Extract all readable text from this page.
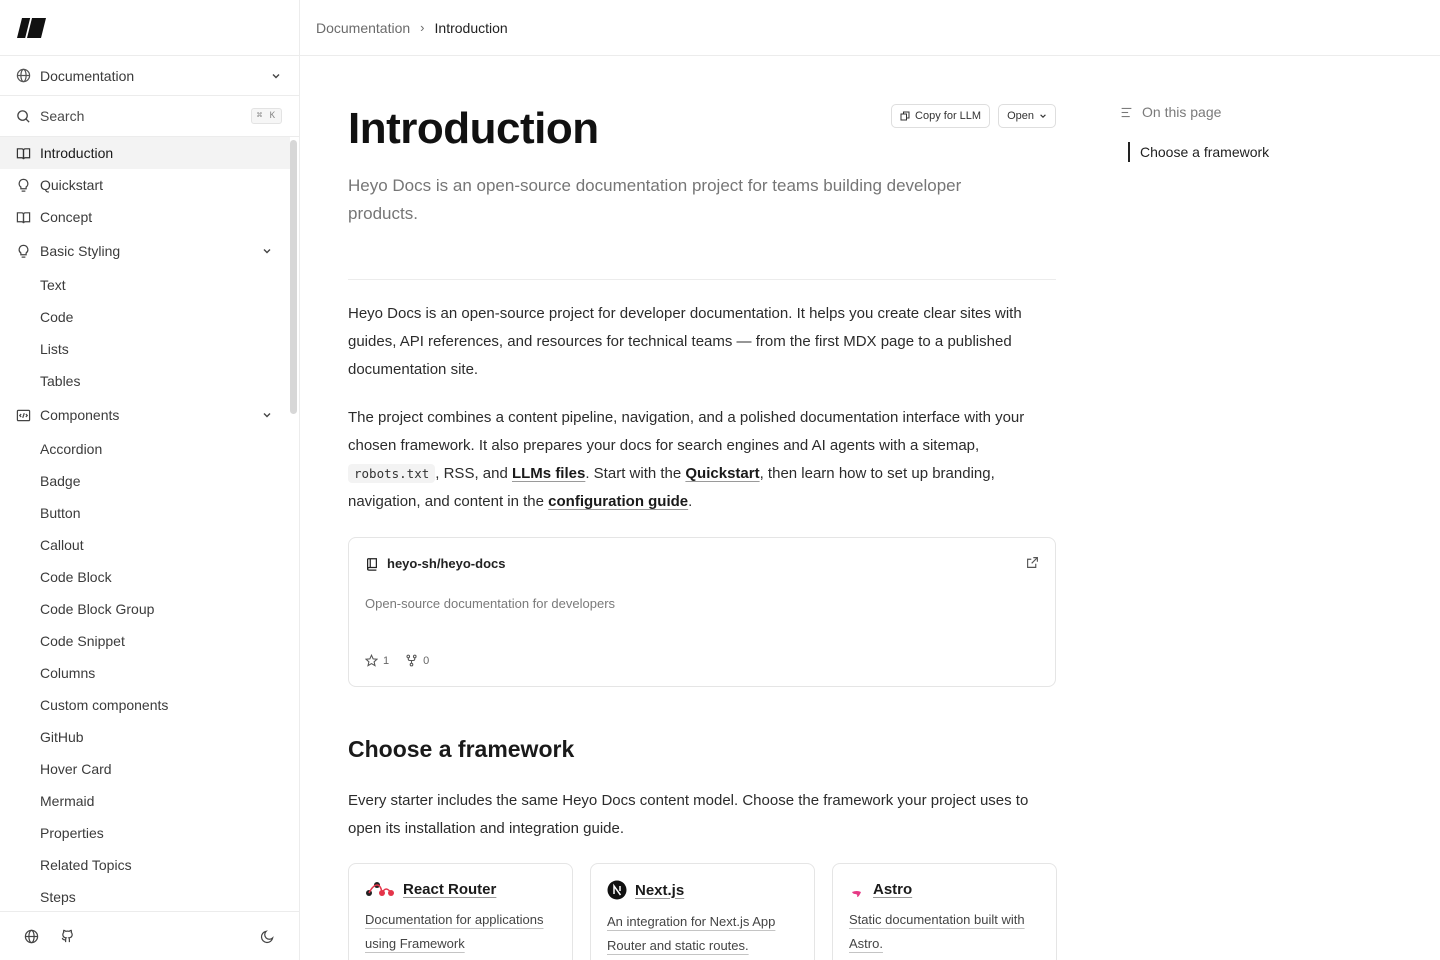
Documentation
Search	⌘ K
Introduction
Quickstart
Concept
Basic Styling
Text
Code
Lists
Tables
Components
Accordion
Badge
Button
Callout
Code Block
Code Block Group
Code Snippet
Columns
Custom components
GitHub
Hover Card
Mermaid
Properties
Related Topics
Steps
Documentation › Introduction
Introduction	Copy for LLM Open

Heyo Docs is an open-source documentation project for teams building developer products.

Heyo Docs is an open-source project for developer documentation. It helps you create clear sites with guides, API references, and resources for technical teams — from the first MDX page to a published documentation site.

The project combines a content pipeline, navigation, and a polished documentation interface with your chosen framework. It also prepares your docs for search engines and AI agents with a sitemap, robots.txt , RSS, and LLMs files. Start with the Quickstart, then learn how to set up branding, navigation, and content in the configuration guide.

heyo-sh/heyo-docs
Open-source documentation for developers
1	0
Choose a framework

Every starter includes the same Heyo Docs content model. Choose the framework your project uses to open its installation and integration guide.

React Router
Documentation for applications using Framework
Next.js
An integration for Next.js App Router and static routes.
Astro
Static documentation built with Astro.
On this page
Choose a framework
